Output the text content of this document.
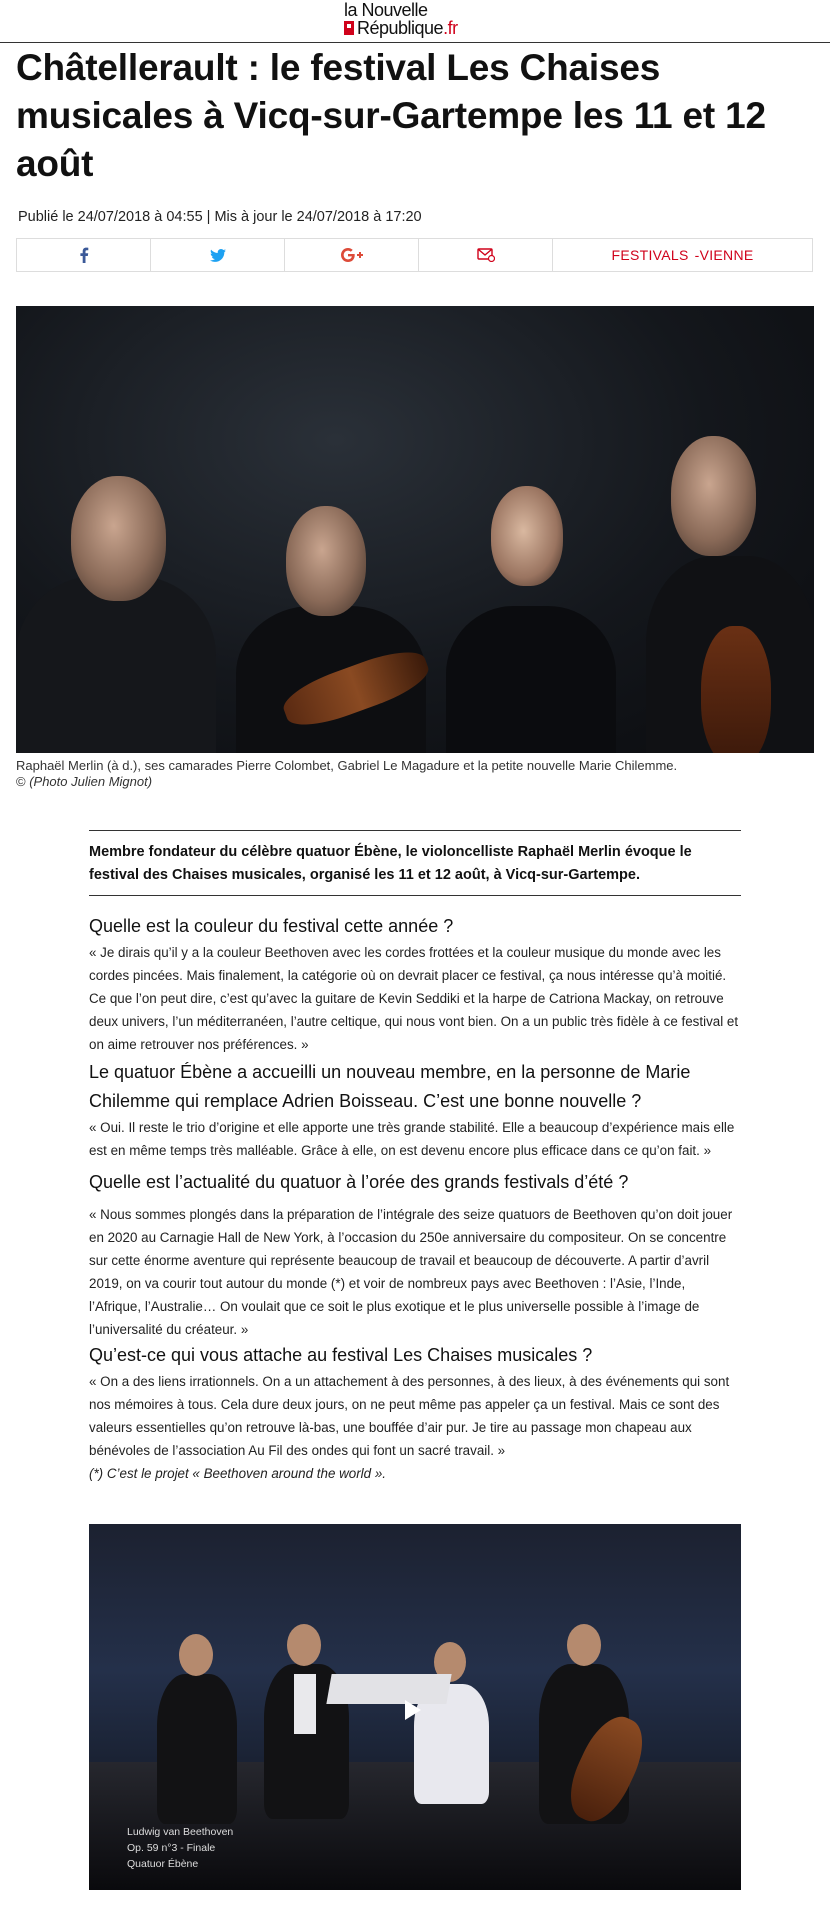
la Nouvelle
République.fr
Châtellerault : le festival Les Chaises musicales à Vicq-sur-Gartempe les 11 et 12 août
Publié le 24/07/2018 à 04:55 | Mis à jour le 24/07/2018 à 17:20
FESTIVALS -VIENNE
Raphaël Merlin (à d.), ses camarades Pierre Colombet, Gabriel Le Magadure et la petite nouvelle Marie Chilemme.
© (Photo Julien Mignot)
Membre fondateur du célèbre quatuor Ébène, le violoncelliste Raphaël Merlin évoque le festival des Chaises musicales, organisé les 11 et 12 août, à Vicq-sur-Gartempe.
Quelle est la couleur du festival cette année ?
« Je dirais qu’il y a la couleur Beethoven avec les cordes frottées et la couleur musique du monde avec les cordes pincées. Mais finalement, la catégorie où on devrait placer ce festival, ça nous intéresse qu’à moitié. Ce que l’on peut dire, c’est qu’avec la guitare de Kevin Seddiki et la harpe de Catriona Mackay, on retrouve deux univers, l’un méditerranéen, l’autre celtique, qui nous vont bien. On a un public très fidèle à ce festival et on aime retrouver nos préférences. »
Le quatuor Ébène a accueilli un nouveau membre, en la personne de Marie Chilemme qui remplace Adrien Boisseau. C’est une bonne nouvelle ?
« Oui. Il reste le trio d’origine et elle apporte une très grande stabilité. Elle a beaucoup d’expérience mais elle est en même temps très malléable. Grâce à elle, on est devenu encore plus efficace dans ce qu’on fait. »
Quelle est l’actualité du quatuor à l’orée des grands festivals d’été ?
« Nous sommes plongés dans la préparation de l’intégrale des seize quatuors de Beethoven qu’on doit jouer en 2020 au Carnagie Hall de New York, à l’occasion du 250e anniversaire du compositeur. On se concentre sur cette énorme aventure qui représente beaucoup de travail et beaucoup de découverte. A partir d’avril 2019, on va courir tout autour du monde (*) et voir de nombreux pays avec Beethoven : l’Asie, l’Inde, l’Afrique, l’Australie… On voulait que ce soit le plus exotique et le plus universelle possible à l’image de l’universalité du créateur. »
Qu’est-ce qui vous attache au festival Les Chaises musicales ?
« On a des liens irrationnels. On a un attachement à des personnes, à des lieux, à des événements qui sont nos mémoires à tous. Cela dure deux jours, on ne peut même pas appeler ça un festival. Mais ce sont des valeurs essentielles qu’on retrouve là-bas, une bouffée d’air pur. Je tire au passage mon chapeau aux bénévoles de l’association Au Fil des ondes qui font un sacré travail. »
(*) C’est le projet « Beethoven around the world ».
Ludwig van Beethoven
Op. 59 n°3 - Finale
Quatuor Ébène
